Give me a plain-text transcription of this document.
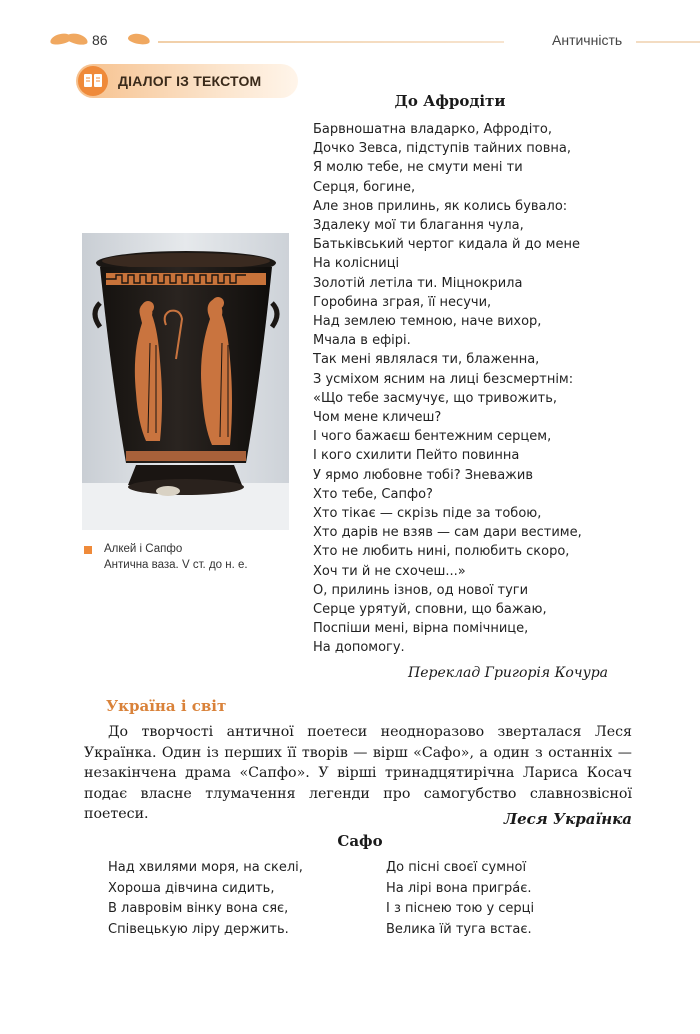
86	Античність
ДІАЛОГ ІЗ ТЕКСТОМ
До Афродіти
Барвношатна владарко, Афродіто,
Дочко Зевса, підступів тайних повна,
Я молю тебе, не смути мені ти
Серця, богине,
Але знов прилинь, як колись бувало:
Здалеку мої ти благання чула,
Батьківський чертог кидала й до мене
На колісниці
Золотій летіла ти. Міцнокрила
Горобина зграя, її несучи,
Над землею темною, наче вихор,
Мчала в ефірі.
Так мені являлася ти, блаженна,
З усміхом ясним на лиці безсмертнім:
«Що тебе засмучує, що тривожить,
Чом мене кличеш?
І чого бажаєш бентежним серцем,
І кого схилити Пейто повинна
У ярмо любовне тобі? Зневажив
Хто тебе, Сапфо?
Хто тікає — скрізь піде за тобою,
Хто дарів не взяв — сам дари вестиме,
Хто не любить нині, полюбить скоро,
Хоч ти й не схочеш...»
О, прилинь ізнов, од нової туги
Серце урятуй, сповни, що бажаю,
Поспіши мені, вірна помічнице,
На допомогу.
Переклад Григорія Кочура
Алкей і Сапфо
Антична ваза. V ст. до н. е.
Україна і світ
До творчості античної поетеси неодноразово зверталася Леся Українка. Один із перших її творів — вірш «Сафо», а один з останніх — незакінчена драма «Сапфо». У вірші тринадцятирічна Лариса Косач подає власне тлумачення легенди про самогубство славнозвісної поетеси.	Леся Українка
Сафо
Над хвилями моря, на скелі,
Хороша дівчина сидить,
В лавровім вінку вона сяє,
Співецькую ліру держить.
До пісні своєї сумної
На лірі вона пригра́є.
І з піснею тою у серці
Велика їй туга встає.
